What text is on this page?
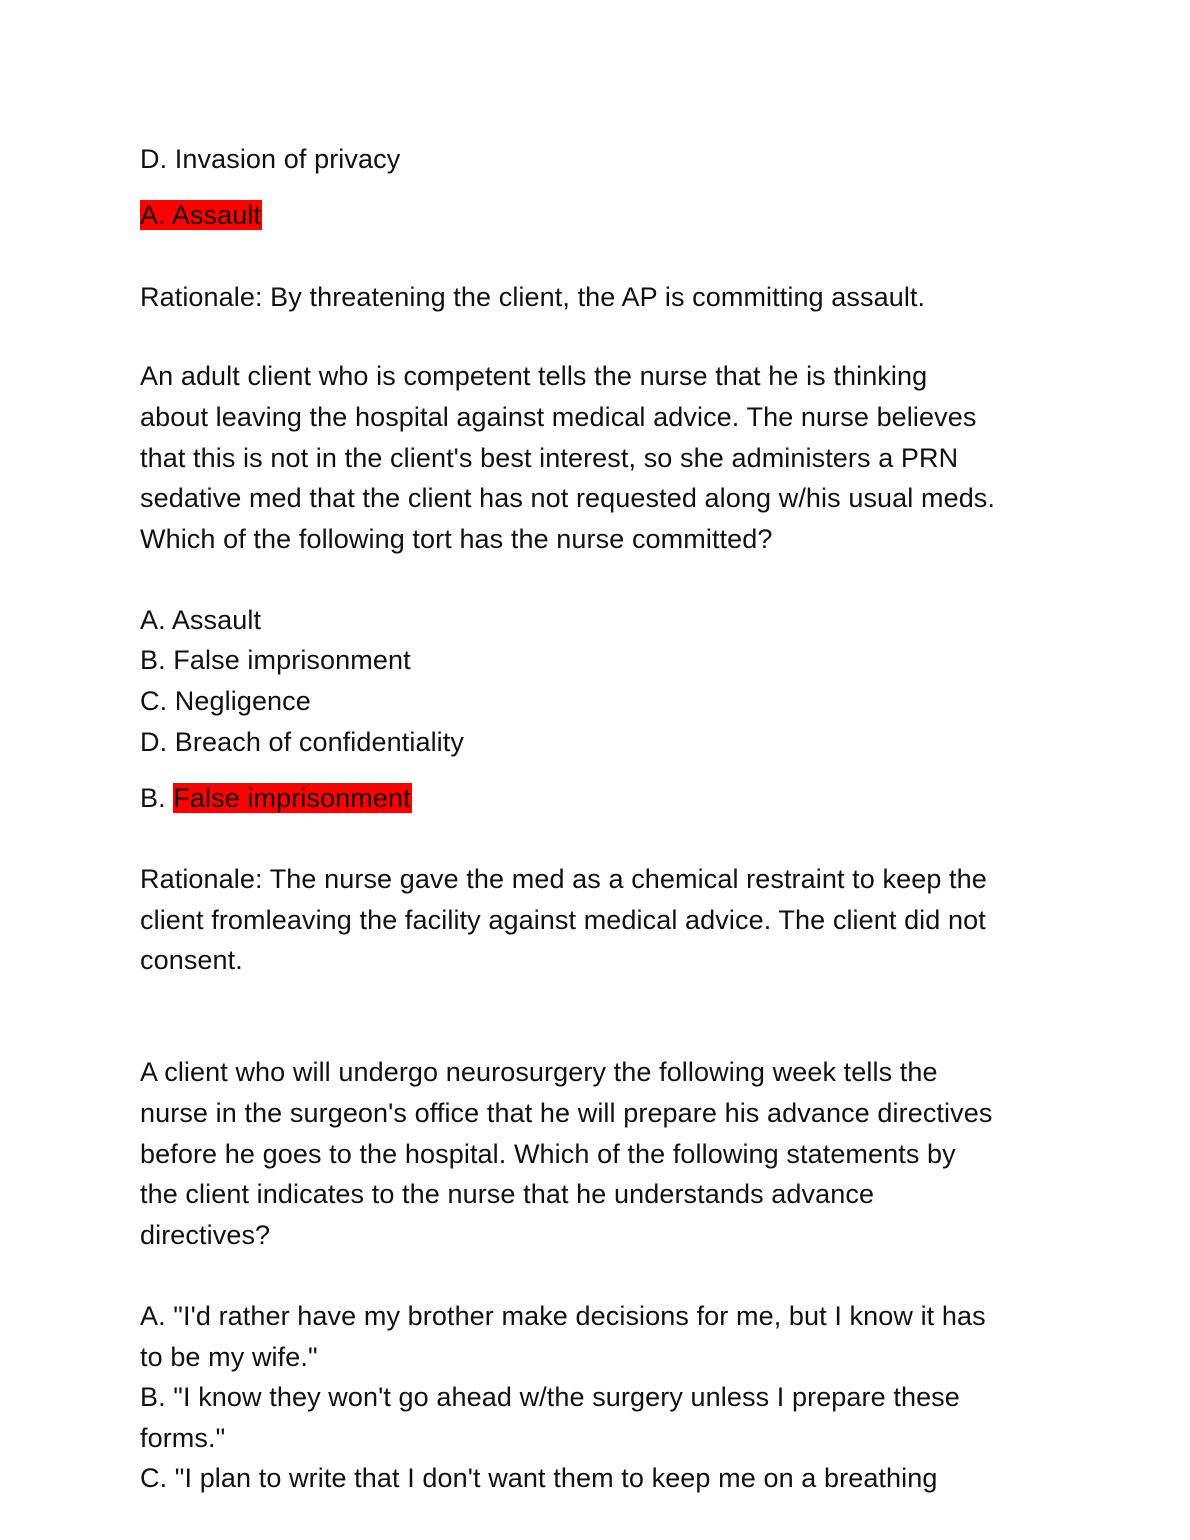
D. Invasion of privacy
A. Assault
Rationale: By threatening the client, the AP is committing assault.
An adult client who is competent tells the nurse that he is thinking
about leaving the hospital against medical advice. The nurse believes
that this is not in the client's best interest, so she administers a PRN
sedative med that the client has not requested along w/his usual meds.
Which of the following tort has the nurse committed?
A. Assault
B. False imprisonment
C. Negligence
D. Breach of confidentiality
B. False imprisonment
Rationale: The nurse gave the med as a chemical restraint to keep the
client fromleaving the facility against medical advice. The client did not
consent.
A client who will undergo neurosurgery the following week tells the
nurse in the surgeon's office that he will prepare his advance directives
before he goes to the hospital. Which of the following statements by
the client indicates to the nurse that he understands advance
directives?
A. "I'd rather have my brother make decisions for me, but I know it has
to be my wife."
B. "I know they won't go ahead w/the surgery unless I prepare these
forms."
C. "I plan to write that I don't want them to keep me on a breathing
